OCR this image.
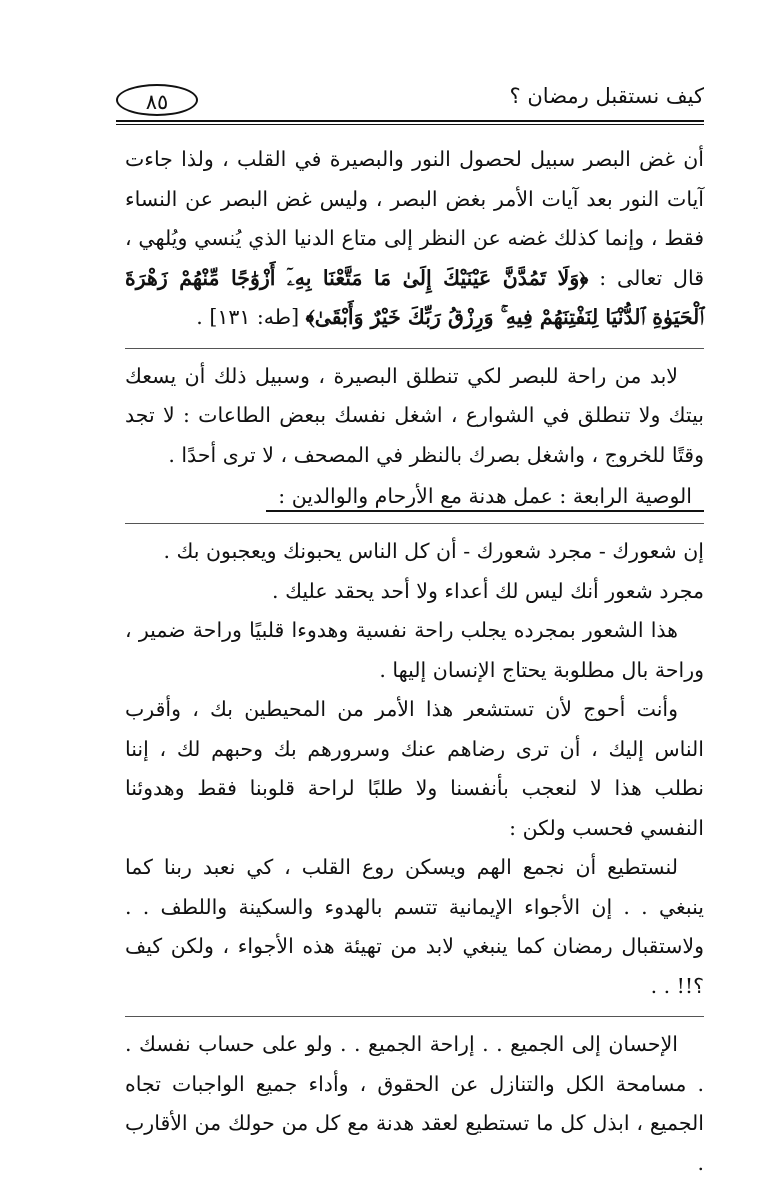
٨٥	كيف نستقبل رمضان ؟

أن غض البصر سبيل لحصول النور والبصيرة في القلب ، ولذا جاءت آيات النور بعد آيات الأمر بغض البصر ، وليس غض البصر عن النساء فقط ، وإنما كذلك غضه عن النظر إلى متاع الدنيا الذي يُنسي ويُلهي ، قال تعالى : ﴿وَلَا تَمُدَّنَّ عَيْنَيْكَ إِلَىٰ مَا مَتَّعْنَا بِهِۦٓ أَزْوَٰجًا مِّنْهُمْ زَهْرَةَ ٱلْحَيَوٰةِ ٱلدُّنْيَا لِنَفْتِنَهُمْ فِيهِ ۚ وَرِزْقُ رَبِّكَ خَيْرٌ وَأَبْقَىٰ﴾ [طه: ١٣١] .

لابد من راحة للبصر لكي تنطلق البصيرة ، وسبيل ذلك أن يسعك بيتك ولا تنطلق في الشوارع ، اشغل نفسك ببعض الطاعات : لا تجد وقتًا للخروج ، واشغل بصرك بالنظر في المصحف ، لا ترى أحدًا .

الوصية الرابعة : عمل هدنة مع الأرحام والوالدين :

إن شعورك - مجرد شعورك - أن كل الناس يحبونك ويعجبون بك .

مجرد شعور أنك ليس لك أعداء ولا أحد يحقد عليك .

هذا الشعور بمجرده يجلب راحة نفسية وهدوءا قلبيًا وراحة ضمير ، وراحة بال مطلوبة يحتاج الإنسان إليها .

وأنت أحوج لأن تستشعر هذا الأمر من المحيطين بك ، وأقرب الناس إليك ، أن ترى رضاهم عنك وسرورهم بك وحبهم لك ، إننا نطلب هذا لا لنعجب بأنفسنا ولا طلبًا لراحة قلوبنا فقط وهدوئنا النفسي فحسب ولكن :

لنستطيع أن نجمع الهم ويسكن روع القلب ، كي نعبد ربنا كما ينبغي . . إن الأجواء الإيمانية تتسم بالهدوء والسكينة واللطف . . ولاستقبال رمضان كما ينبغي لابد من تهيئة هذه الأجواء ، ولكن كيف ؟!! . .

الإحسان إلى الجميع . . إراحة الجميع . . ولو على حساب نفسك . . مسامحة الكل والتنازل عن الحقوق ، وأداء جميع الواجبات تجاه الجميع ، ابذل كل ما تستطيع لعقد هدنة مع كل من حولك من الأقارب .
